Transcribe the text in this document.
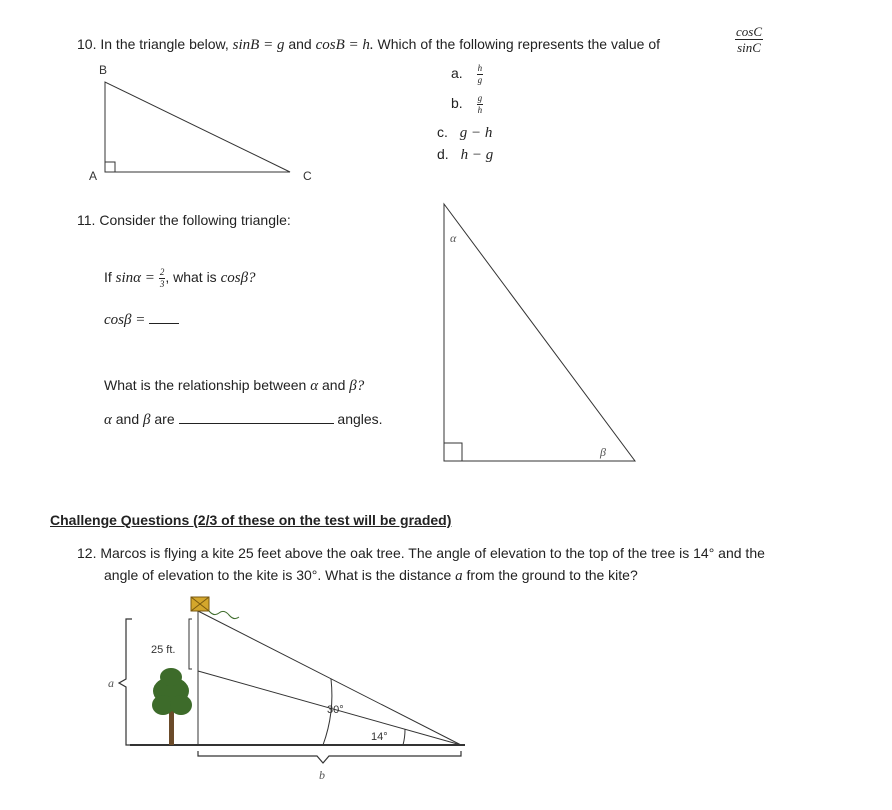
10. In the triangle below, sinB = g and cosB = h. Which of the following represents the value of	$\frac{\cos C}{\sin C}$
B
A	C
a. $\frac{h}{g}$
b. $\frac{g}{h}$
c. g − h
d. h − g
11. Consider the following triangle:
If $\sin\alpha = \frac{2}{3}$ , what is cosβ?
cosβ =
What is the relationship between α and β?
α and β are	angles.
α
β
Challenge Questions (2/3 of these on the test will be graded)
12. Marcos is flying a kite 25 feet above the oak tree. The angle of elevation to the top of the tree is 14° and the
angle of elevation to the kite is 30°. What is the distance a from the ground to the kite?
a
25 ft.
30°
14°
b
